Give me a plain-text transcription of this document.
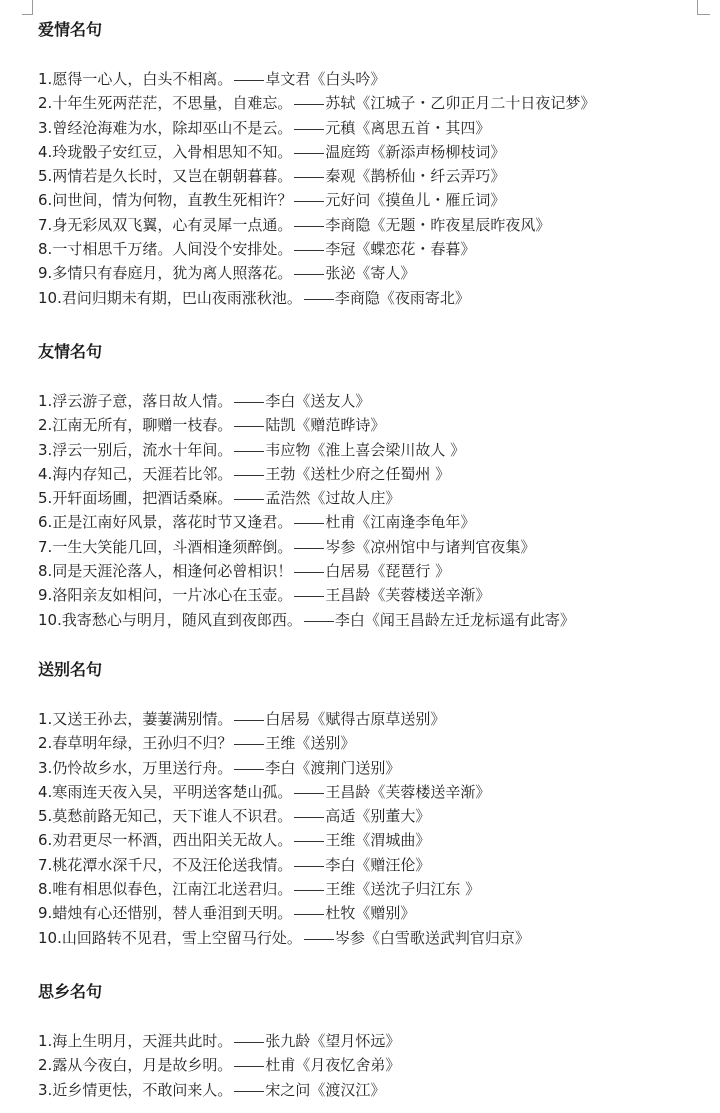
爱情名句
1.愿得一心人，白头不相离。 卓文君《白头吟》
2.十年生死两茫茫，不思量，自难忘。 苏轼《江城子・乙卯正月二十日夜记梦》
3.曾经沧海难为水，除却巫山不是云。 元稹《离思五首・其四》
4.玲珑骰子安红豆，入骨相思知不知。 温庭筠《新添声杨柳枝词》
5.两情若是久长时，又岂在朝朝暮暮。 秦观《鹊桥仙・纤云弄巧》
6.问世间，情为何物，直教生死相许？ 元好问《摸鱼儿・雁丘词》
7.身无彩凤双飞翼，心有灵犀一点通。 李商隐《无题・昨夜星辰昨夜风》
8.一寸相思千万绪。人间没个安排处。 李冠《蝶恋花・春暮》
9.多情只有春庭月，犹为离人照落花。 张泌《寄人》
10.君问归期未有期，巴山夜雨涨秋池。 李商隐《夜雨寄北》
友情名句
1.浮云游子意，落日故人情。 李白《送友人》
2.江南无所有，聊赠一枝春。 陆凯《赠范晔诗》
3.浮云一别后，流水十年间。 韦应物《淮上喜会梁川故人 》
4.海内存知己，天涯若比邻。 王勃《送杜少府之任蜀州 》
5.开轩面场圃，把酒话桑麻。 孟浩然《过故人庄》
6.正是江南好风景，落花时节又逢君。 杜甫《江南逢李龟年》
7.一生大笑能几回，斗酒相逢须醉倒。 岑参《凉州馆中与诸判官夜集》
8.同是天涯沦落人，相逢何必曾相识！ 白居易《琵琶行 》
9.洛阳亲友如相问，一片冰心在玉壶。 王昌龄《芙蓉楼送辛渐》
10.我寄愁心与明月，随风直到夜郎西。 李白《闻王昌龄左迁龙标遥有此寄》
送别名句
1.又送王孙去，萋萋满别情。 白居易《赋得古原草送别》
2.春草明年绿，王孙归不归？ 王维《送别》
3.仍怜故乡水，万里送行舟。 李白《渡荆门送别》
4.寒雨连天夜入吴，平明送客楚山孤。 王昌龄《芙蓉楼送辛渐》
5.莫愁前路无知己，天下谁人不识君。 高适《别董大》
6.劝君更尽一杯酒，西出阳关无故人。 王维《渭城曲》
7.桃花潭水深千尺，不及汪伦送我情。 李白《赠汪伦》
8.唯有相思似春色，江南江北送君归。 王维《送沈子归江东 》
9.蜡烛有心还惜别，替人垂泪到天明。 杜牧《赠别》
10.山回路转不见君，雪上空留马行处。 岑参《白雪歌送武判官归京》
思乡名句
1.海上生明月，天涯共此时。 张九龄《望月怀远》
2.露从今夜白，月是故乡明。 杜甫《月夜忆舍弟》
3.近乡情更怯，不敢问来人。 宋之问《渡汉江》
